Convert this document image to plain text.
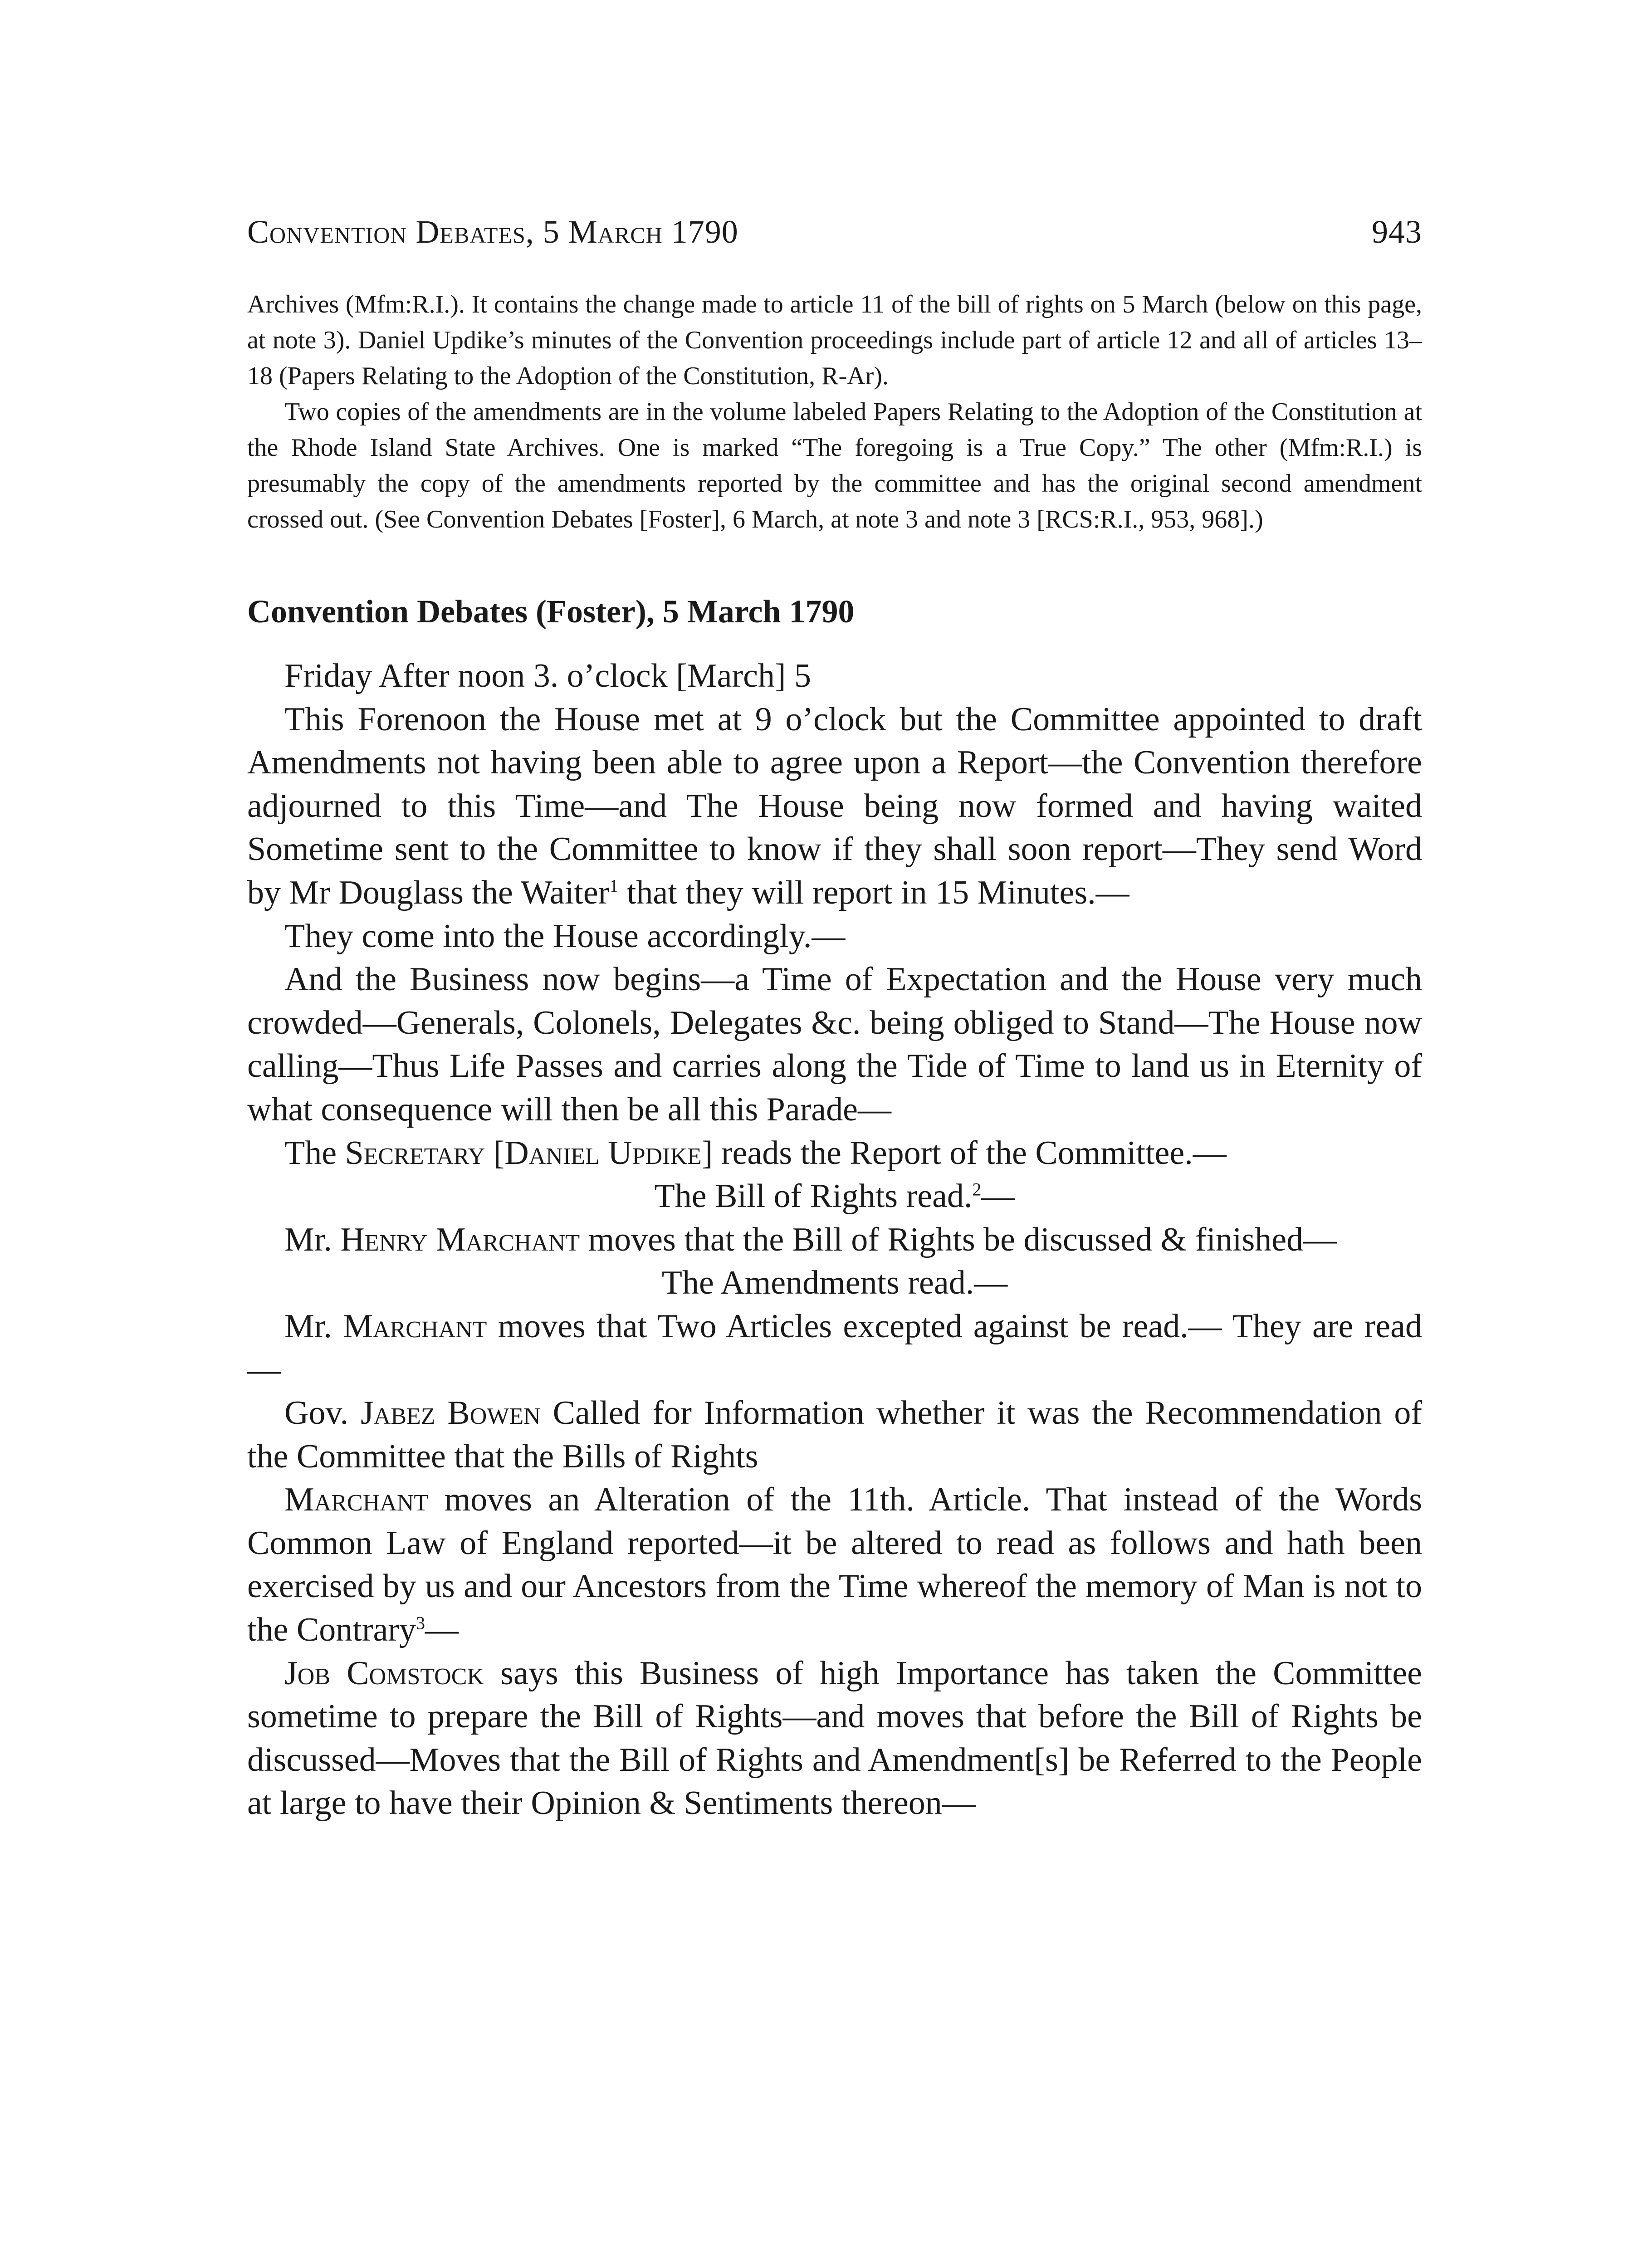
Convention Debates, 5 March 1790	943

Archives (Mfm:R.I.). It contains the change made to article 11 of the bill of rights on 5 March (below on this page, at note 3). Daniel Updike’s minutes of the Convention proceedings include part of article 12 and all of articles 13–18 (Papers Relating to the Adoption of the Constitution, R-Ar).

Two copies of the amendments are in the volume labeled Papers Relating to the Adoption of the Constitution at the Rhode Island State Archives. One is marked “The foregoing is a True Copy.” The other (Mfm:R.I.) is presumably the copy of the amendments reported by the committee and has the original second amendment crossed out. (See Convention Debates [Foster], 6 March, at note 3 and note 3 [RCS:R.I., 953, 968].)

Convention Debates (Foster), 5 March 1790

Friday After noon 3. o’clock [March] 5

This Forenoon the House met at 9 o’clock but the Committee appointed to draft Amendments not having been able to agree upon a Report—the Convention therefore adjourned to this Time—and The House being now formed and having waited Sometime sent to the Committee to know if they shall soon report—They send Word by Mr Douglass the Waiter$^1$ that they will report in 15 Minutes.—

They come into the House accordingly.—

And the Business now begins—a Time of Expectation and the House very much crowded—Generals, Colonels, Delegates &c. being obliged to Stand—The House now calling—Thus Life Passes and carries along the Tide of Time to land us in Eternity of what consequence will then be all this Parade—

The Secretary [Daniel Updike] reads the Report of the Committee.—

The Bill of Rights read.$^2$—

Mr. Henry Marchant moves that the Bill of Rights be discussed & finished—

The Amendments read.—

Mr. Marchant moves that Two Articles excepted against be read.— They are read—

Gov. Jabez Bowen Called for Information whether it was the Recommendation of the Committee that the Bills of Rights

Marchant moves an Alteration of the 11th. Article. That instead of the Words Common Law of England reported—it be altered to read as follows and hath been exercised by us and our Ancestors from the Time whereof the memory of Man is not to the Contrary$^3$—

Job Comstock says this Business of high Importance has taken the Committee sometime to prepare the Bill of Rights—and moves that before the Bill of Rights be discussed—Moves that the Bill of Rights and Amendment[s] be Referred to the People at large to have their Opinion & Sentiments thereon—
